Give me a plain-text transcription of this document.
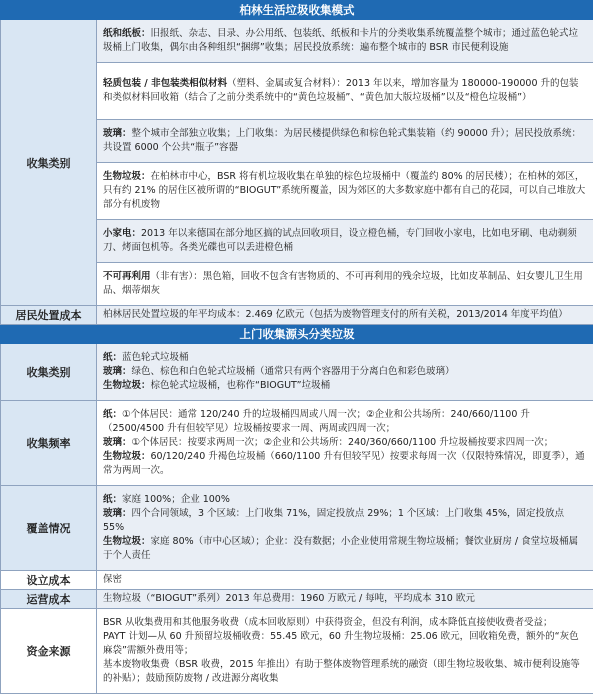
柏林生活垃圾收集模式	
收集类别	纸和纸板：旧报纸、杂志、目录、办公用纸、包装纸、纸板和卡片的分类收集系统覆盖整个城市；通过蓝色轮式垃圾桶上门收集，偶尔由各种组织“捆绑”收集；居民投放系统：遍布整个城市的 BSR 市民便利设施
	轻质包装 / 非包装类相似材料（塑料、金属或复合材料）：2013 年以来，增加容量为 180000-190000 升的包装和类似材料回收箱（结合了之前分类系统中的“黄色垃圾桶”、“黄色加大版垃圾桶”以及“橙色垃圾桶”）
	玻璃：整个城市全部独立收集；上门收集：为居民楼提供绿色和棕色轮式集装箱（约 90000 升）；居民投放系统：共设置 6000 个公共“瓶子”容器
	生物垃圾：在柏林市中心，BSR 将有机垃圾收集在单独的棕色垃圾桶中（覆盖约 80% 的居民楼）；在柏林的郊区，只有约 21% 的居住区被所谓的“BIOGUT”系统所覆盖，因为郊区的大多数家庭中都有自己的花园，可以自己堆放大部分有机废物
	小家电：2013 年以来德国在部分地区搞的试点回收项目，设立橙色桶，专门回收小家电，比如电牙刷、电动剃须刀、烤面包机等。各类光碟也可以丢进橙色桶
	不可再利用（非有害）：黑色箱，回收不包含有害物质的、不可再利用的残余垃圾，比如皮革制品、妇女婴儿卫生用品、烟蒂烟灰
居民处置成本	柏林居民处置垃圾的年平均成本：2.469 亿欧元（包括为废物管理支付的所有关税，2013/2014 年度平均值）
上门收集源头分类垃圾	
收集类别	纸：蓝色轮式垃圾桶

玻璃：绿色、棕色和白色轮式垃圾桶（通常只有两个容器用于分离白色和彩色玻璃）

生物垃圾：棕色轮式垃圾桶，也称作“BIOGUT”垃圾桶

收集频率	纸：①个体居民：通常 120/240 升的垃圾桶四周或八周一次；②企业和公共场所：240/660/1100 升（2500/4500 升有但较罕见）垃圾桶按要求一周、两周或四周一次；

玻璃：①个体居民：按要求两周一次；②企业和公共场所：240/360/660/1100 升垃圾桶按要求四周一次；

生物垃圾：60/120/240 升褐色垃圾桶（660/1100 升有但较罕见）按要求每周一次（仅限特殊情况，即夏季），通常为两周一次。

覆盖情况	纸：家庭 100%；企业 100%

玻璃：四个合同领域，3 个区域：上门收集 71%，固定投放点 29%；1 个区域：上门收集 45%，固定投放点 55%

生物垃圾：家庭 80%（市中心区域）；企业：没有数据；小企业使用常规生物垃圾桶；餐饮业厨房 / 食堂垃圾桶属于个人责任

设立成本	保密
运营成本	生物垃圾（“BIOGUT”系列）2013 年总费用：1960 万欧元 / 每吨，平均成本 310 欧元
资金来源	BSR 从收集费用和其他服务收费（成本回收原则）中获得资金，但没有利润，成本降低直接使收费者受益；

PAYT 计划—从 60 升预留垃圾桶收费：55.45 欧元，60 升生物垃圾桶：25.06 欧元，回收箱免费，额外的“灰色麻袋”需额外费用等；

基本废物收集费（BSR 收费，2015 年推出）有助于整体废物管理系统的融资（即生物垃圾收集、城市便利设施等的补贴）；鼓励预防废物 / 改进源分离收集
